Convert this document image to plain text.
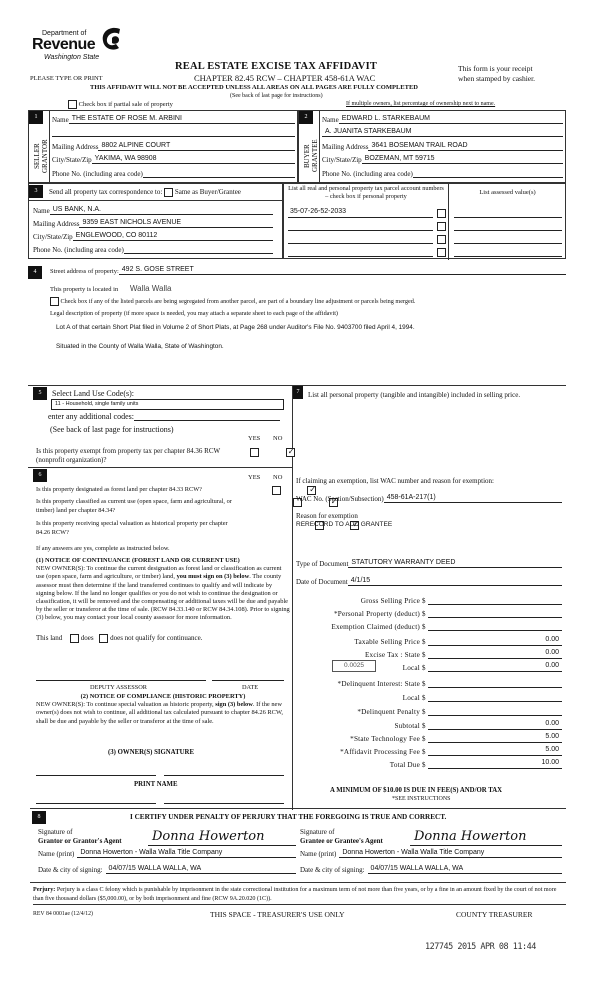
Department of
Revenue
Washington State
REAL ESTATE EXCISE TAX AFFIDAVIT
CHAPTER 82.45 RCW – CHAPTER 458-61A WAC
PLEASE TYPE OR PRINT
This form is your receipt
when stamped by cashier.
THIS AFFIDAVIT WILL NOT BE ACCEPTED UNLESS ALL AREAS ON ALL PAGES ARE FULLY COMPLETED
(See back of last page for instructions)
Check box if partial sale of property	If multiple owners, list percentage of ownership next to name.
1
SELLER
GRANTOR
Name THE ESTATE OF ROSE M. ARBINI
Mailing Address 8802 ALPINE COURT
City/State/Zip YAKIMA, WA 98908
Phone No. (including area code)
2
BUYER
GRANTEE
Name EDWARD L. STARKEBAUM
A. JUANITA STARKEBAUM
Mailing Address 3641 BOSEMAN TRAIL ROAD
City/State/Zip BOZEMAN, MT 59715
Phone No. (including area code)
3	Send all property tax correspondence to: Same as Buyer/Grantee
Name US BANK, N.A.
Mailing Address 9359 EAST NICHOLS AVENUE
City/State/Zip ENGLEWOOD, CO 80112
Phone No. (including area code)
List all real and personal property tax parcel account numbers – check box if personal property
List assessed value(s)
35-07-26-52-2033
4	Street address of property: 492 S. GOSE STREET
This property is located in Walla Walla
Check box if any of the listed parcels are being segregated from another parcel, are part of a boundary line adjustment or parcels being merged.
Legal description of property (if more space is needed, you may attach a separate sheet to each page of the affidavit)
Lot A of that certain Short Plat filed in Volume 2 of Short Plats, at Page 268 under Auditor's File No. 9403700 filed April 4, 1994.
Situated in the County of Walla Walla, State of Washington.
5	Select Land Use Code(s):
11 - Household, single family units
enter any additional codes:
(See back of last page for instructions)
YES NO
Is this property exempt from property tax per chapter 84.36 RCW (nonprofit organization)?
✓
6	YES NO
Is this property designated as forest land per chapter 84.33 RCW?
✓
Is this property classified as current use (open space, farm and agricultural, or timber) land per chapter 84.34?
✓
Is this property receiving special valuation as historical property per chapter 84.26 RCW?
✓
If any answers are yes, complete as instructed below.
(1) NOTICE OF CONTINUANCE (FOREST LAND OR CURRENT USE)
NEW OWNER(S): To continue the current designation as forest land or classification as current use (open space, farm and agriculture, or timber) land, you must sign on (3) below. The county assessor must then determine if the land transferred continues to qualify and will indicate by signing below. If the land no longer qualifies or you do not wish to continue the designation or classification, it will be removed and the compensating or additional taxes will be due and payable by the seller or transferor at the time of sale. (RCW 84.33.140 or RCW 84.34.108). Prior to signing (3) below, you may contact your local county assessor for more information.
This land	does does not qualify for continuance.
DEPUTY ASSESSOR	DATE
(2) NOTICE OF COMPLIANCE (HISTORIC PROPERTY)
NEW OWNER(S): To continue special valuation as historic property, sign (3) below. If the new owner(s) does not wish to continue, all additional tax calculated pursuant to chapter 84.26 RCW, shall be due and payable by the seller or transferor at the time of sale.
(3) OWNER(S) SIGNATURE
PRINT NAME
7	List all personal property (tangible and intangible) included in selling price.
If claiming an exemption, list WAC number and reason for exemption:
WAC No. (Section/Subsection) 458-61A-217(1)
Reason for exemption
RERECORD TO ADD GRANTEE
Type of Document STATUTORY WARRANTY DEED
Date of Document 4/1/15
Gross Selling Price $
*Personal Property (deduct) $
Exemption Claimed (deduct) $
Taxable Selling Price $	0.00
Excise Tax : State $	0.00
0.0025	Local $	0.00
*Delinquent Interest: State $
Local $
*Delinquent Penalty $
Subtotal $	0.00
*State Technology Fee $	5.00
*Affidavit Processing Fee $	5.00
Total Due $	10.00
A MINIMUM OF $10.00 IS DUE IN FEE(S) AND/OR TAX
*SEE INSTRUCTIONS
8	I CERTIFY UNDER PENALTY OF PERJURY THAT THE FOREGOING IS TRUE AND CORRECT.
Signature of
Grantor or Grantor's Agent	Donna Howerton
Name (print) Donna Howerton - Walla Walla Title Company
Date & city of signing: 04/07/15 WALLA WALLA, WA
Signature of
Grantee or Grantee's Agent	Donna Howerton
Name (print) Donna Howerton - Walla Walla Title Company
Date & city of signing: 04/07/15 WALLA WALLA, WA
Perjury: Perjury is a class C felony which is punishable by imprisonment in the state correctional institution for a maximum term of not more than five years, or by a fine in an amount fixed by the court of not more than five thousand dollars ($5,000.00), or by both imprisonment and fine (RCW 9A.20.020 (1C)).
REV 84 0001ae (12/4/12)	THIS SPACE - TREASURER'S USE ONLY	COUNTY TREASURER
127745 2015 APR 08 11:44
